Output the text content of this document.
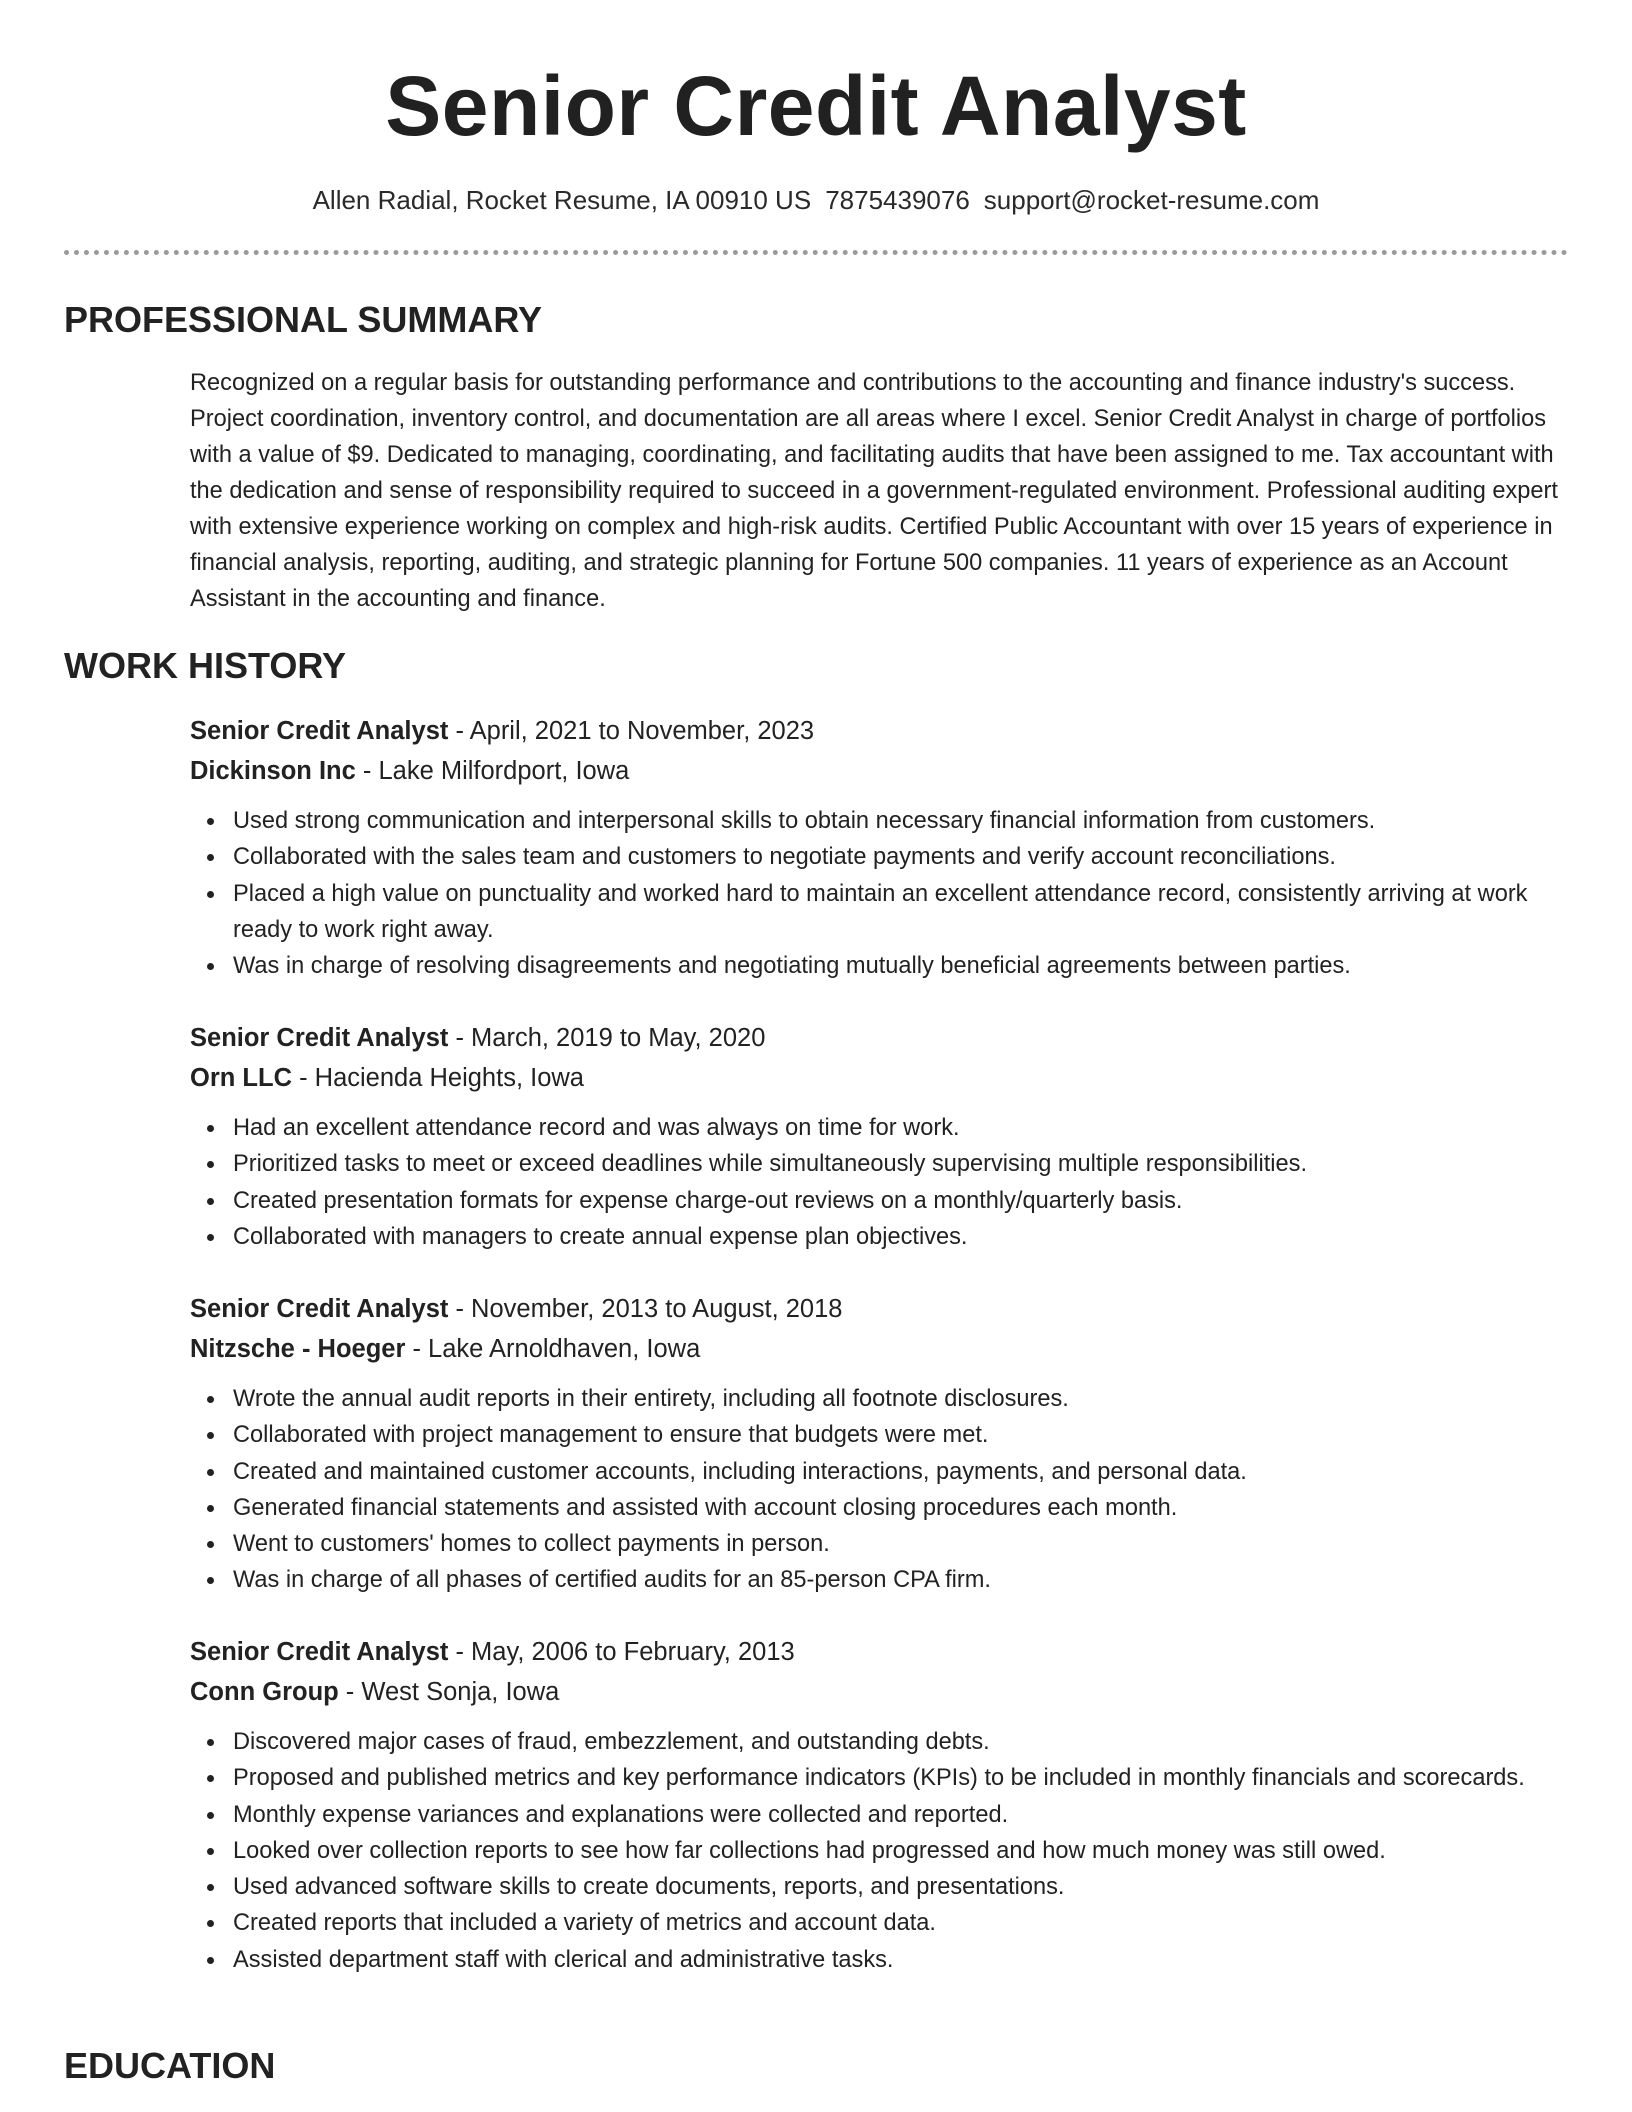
Senior Credit Analyst
Allen Radial, Rocket Resume, IA 00910 US 7875439076 support@rocket-resume.com
PROFESSIONAL SUMMARY

Recognized on a regular basis for outstanding performance and contributions to the accounting and finance industry's success. Project coordination, inventory control, and documentation are all areas where I excel. Senior Credit Analyst in charge of portfolios with a value of $9. Dedicated to managing, coordinating, and facilitating audits that have been assigned to me. Tax accountant with the dedication and sense of responsibility required to succeed in a government-regulated environment. Professional auditing expert with extensive experience working on complex and high-risk audits. Certified Public Accountant with over 15 years of experience in financial analysis, reporting, auditing, and strategic planning for Fortune 500 companies. 11 years of experience as an Account Assistant in the accounting and finance.

WORK HISTORY

Senior Credit Analyst - April, 2021 to November, 2023

Dickinson Inc - Lake Milfordport, Iowa

Used strong communication and interpersonal skills to obtain necessary financial information from customers.
Collaborated with the sales team and customers to negotiate payments and verify account reconciliations.
Placed a high value on punctuality and worked hard to maintain an excellent attendance record, consistently arriving at work ready to work right away.
Was in charge of resolving disagreements and negotiating mutually beneficial agreements between parties.

Senior Credit Analyst - March, 2019 to May, 2020

Orn LLC - Hacienda Heights, Iowa

Had an excellent attendance record and was always on time for work.
Prioritized tasks to meet or exceed deadlines while simultaneously supervising multiple responsibilities.
Created presentation formats for expense charge-out reviews on a monthly/quarterly basis.
Collaborated with managers to create annual expense plan objectives.

Senior Credit Analyst - November, 2013 to August, 2018

Nitzsche - Hoeger - Lake Arnoldhaven, Iowa

Wrote the annual audit reports in their entirety, including all footnote disclosures.
Collaborated with project management to ensure that budgets were met.
Created and maintained customer accounts, including interactions, payments, and personal data.
Generated financial statements and assisted with account closing procedures each month.
Went to customers' homes to collect payments in person.
Was in charge of all phases of certified audits for an 85-person CPA firm.

Senior Credit Analyst - May, 2006 to February, 2013

Conn Group - West Sonja, Iowa

Discovered major cases of fraud, embezzlement, and outstanding debts.
Proposed and published metrics and key performance indicators (KPIs) to be included in monthly financials and scorecards.
Monthly expense variances and explanations were collected and reported.
Looked over collection reports to see how far collections had progressed and how much money was still owed.
Used advanced software skills to create documents, reports, and presentations.
Created reports that included a variety of metrics and account data.
Assisted department staff with clerical and administrative tasks.
EDUCATION
